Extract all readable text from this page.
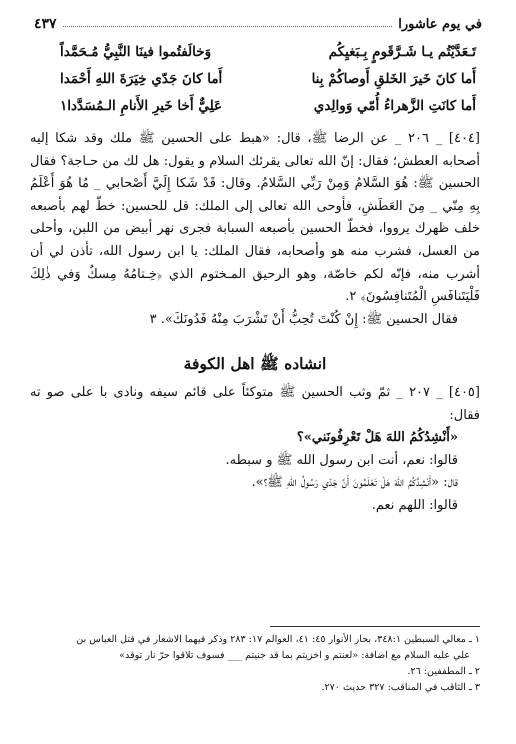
في يوم عاشورا
٤٣٧
تَـعَدَّيْتُم يـا شَـرَّقَومٍ بِـبَغيِكُم
وَخالَفتُموا فينَا النَّبِيُّ مُـحَمَّداً
أَما كانَ خَيرَ الخَلقِ أَوصاكُمْ بِنا
أَما كانَ جَدّي خِيَرَةَ اللهِ أَحْمَدا
أَما كانَتِ الزَّهراءُ أُمّي وَوالِدي
عَلِيٌّ أَخا خَيرِ الأَنامِ الـمُسَدَّدا١

[٤٠٤] _ ٢٠٦ _ عن الرضا ﷺ، قال: «هبط على الحسين ﷺ ملك وقد شكا إليه أصحابه العطش؛ فقال: إنّ الله تعالى يقرئك السلام و يقول: هل لك من حـاجة؟ فقال الحسين ﷺ: هُوَ السَّلامُ وَمِنْ رَبِّي السَّلامُ. وقال: قَدْ شَكا إِلَيَّ أَصْحابي _ مُا هُوَ أَعْلَمُ بِهِ مِنّي _ مِنَ العَطَشِ، فأوحى الله تعالى إلى الملك: قل للحسين: خطّ لهم بأصبعه خلف ظهرك يرووا، فخطّ الحسين بأصبعه السبابة فجرى نهر أبيض من اللبن، وأحلى من العسل، فشرب منه هو وأصحابه، فقال الملك: يا ابن رسول الله، تأذن لي أن أشرب منه، فإنّه لكم خاصّة، وهو الرحيق المـختوم الذي ﴿خِـتامُهُ مِسكٌ وَفي ذٰلِكَ فَلْيَتَنافَسِ الْمُتَنافِسُونَ﴾ ٢.

فقال الحسين ﷺ: إِنْ كُنْتَ تُحِبُّ أَنْ تَشْرَبَ مِنْهُ فَدُونَكَ». ٣

انشاده ﷺ اهل الكوفة

[٤٠٥] _ ٢٠٧ _ ثمّ وثب الحسين ﷺ متوكئاً على قائم سيفه ونادى با على صو ته فقال:

«أَنْشِدُكُمُ اللهَ هَلْ تَعْرِفُونَني»؟

قالوا: نعم، أنت ابن رسول الله ﷺ و سبطه.

قال: «أَنْشِدُكُمُ اللهَ هَلْ تَعْلَمُونَ أَنَّ جَدّي رَسُولُ اللهِ ﷺ؟».

قالوا: اللهم نعم.

١ ـ معالي السبطين ٣٤٨:١، بحار الأنوار ٤٥: ٤١، العوالم ١٧: ٢٨٣ وذكر فيهما الاشعار في قتل العباس بن

علي عليه السلام مع اضافة: «لعنتم و اخزيتم بما قد جنيتم ___ فسوف تلاقوا حرّ نار توقد»

٢ ـ المطففين: ٢٦.

٣ ـ الثاقب في المناقب: ٣٢٧ حديث ٢٧٠.
